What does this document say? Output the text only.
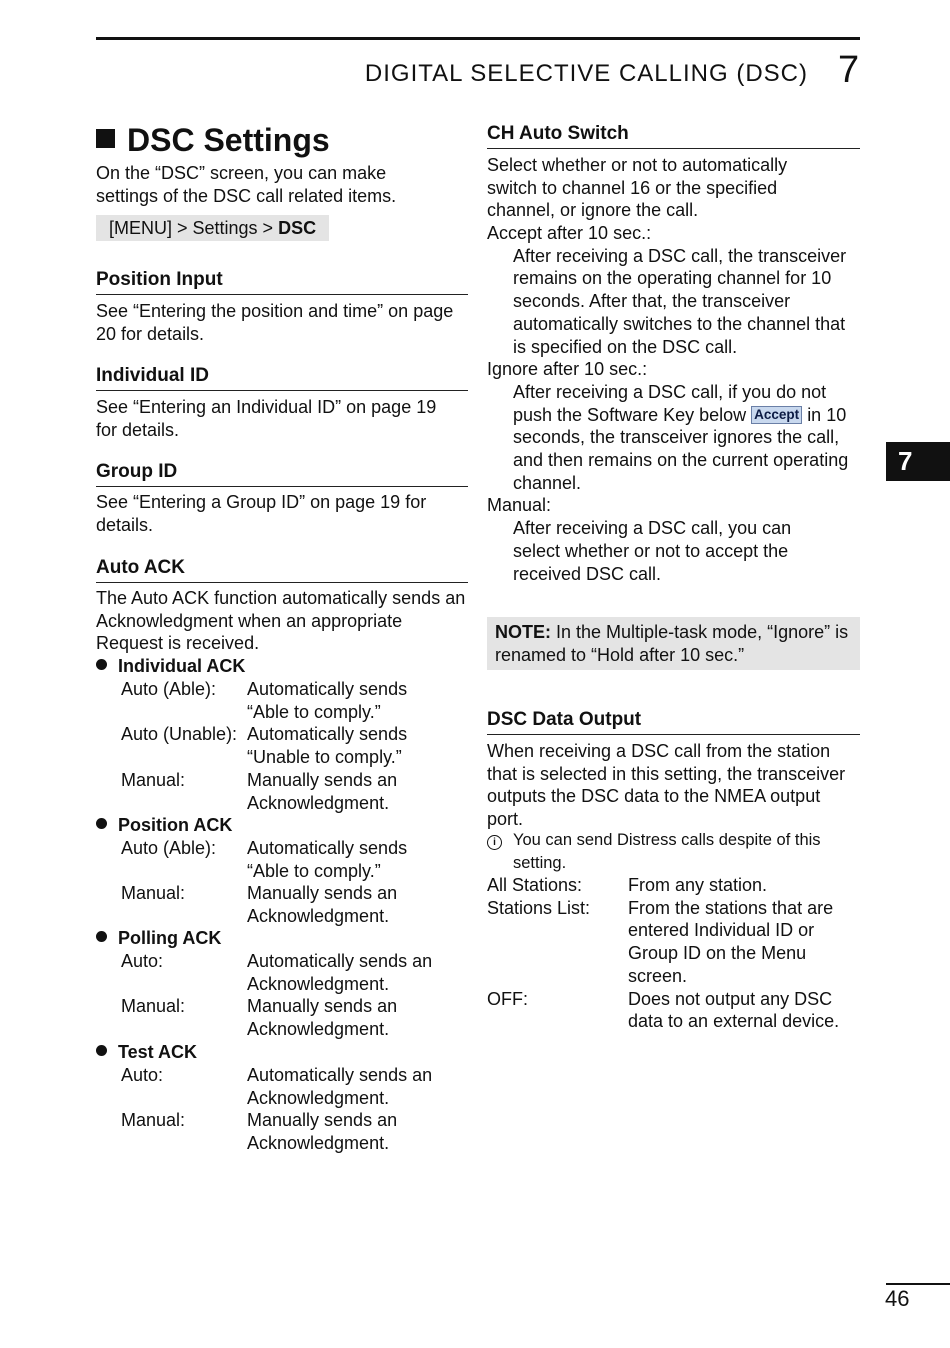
DIGITAL SELECTIVE CALLING (DSC) 7
DSC Settings

On the “DSC” screen, you can make settings of the DSC call related items.

[MENU] > Settings > DSC
Position Input

See “Entering the position and time” on page 20 for details.

Individual ID

See “Entering an Individual ID” on page 19 for details.

Group ID

See “Entering a Group ID” on page 19 for details.

Auto ACK

The Auto ACK function automatically sends an Acknowledgment when an appropriate Request is received.

Individual ACK
Auto (Able):	Automatically sends “Able to comply.”
Auto (Unable): Automatically sends “Unable to comply.”
Manual:	Manually sends an Acknowledgment.
Position ACK
Auto (Able):	Automatically sends “Able to comply.”
Manual:	Manually sends an Acknowledgment.
Polling ACK
Auto:	Automatically sends an Acknowledgment.
Manual:	Manually sends an Acknowledgment.
Test ACK
Auto:	Automatically sends an Acknowledgment.
Manual:	Manually sends an Acknowledgment.
CH Auto Switch

Select whether or not to automatically switch to channel 16 or the specified channel, or ignore the call.

Accept after 10 sec.:
After receiving a DSC call, the transceiver remains on the operating channel for 10 seconds. After that, the transceiver automatically switches to the channel that is specified on the DSC call.
Ignore after 10 sec.:
After receiving a DSC call, if you do not push the Software Key below Accept in 10 seconds, the transceiver ignores the call, and then remains on the current operating channel.
Manual:
After receiving a DSC call, you can select whether or not to accept the received DSC call.
NOTE: In the Multiple-task mode, “Ignore” is renamed to “Hold after 10 sec.”
DSC Data Output

When receiving a DSC call from the station that is selected in this setting, the transceiver outputs the DSC data to the NMEA output port.

i	You can send Distress calls despite of this setting.
All Stations:	From any station.
Stations List:	From the stations that are entered Individual ID or Group ID on the Menu screen.
OFF:	Does not output any DSC data to an external device.
7
46
